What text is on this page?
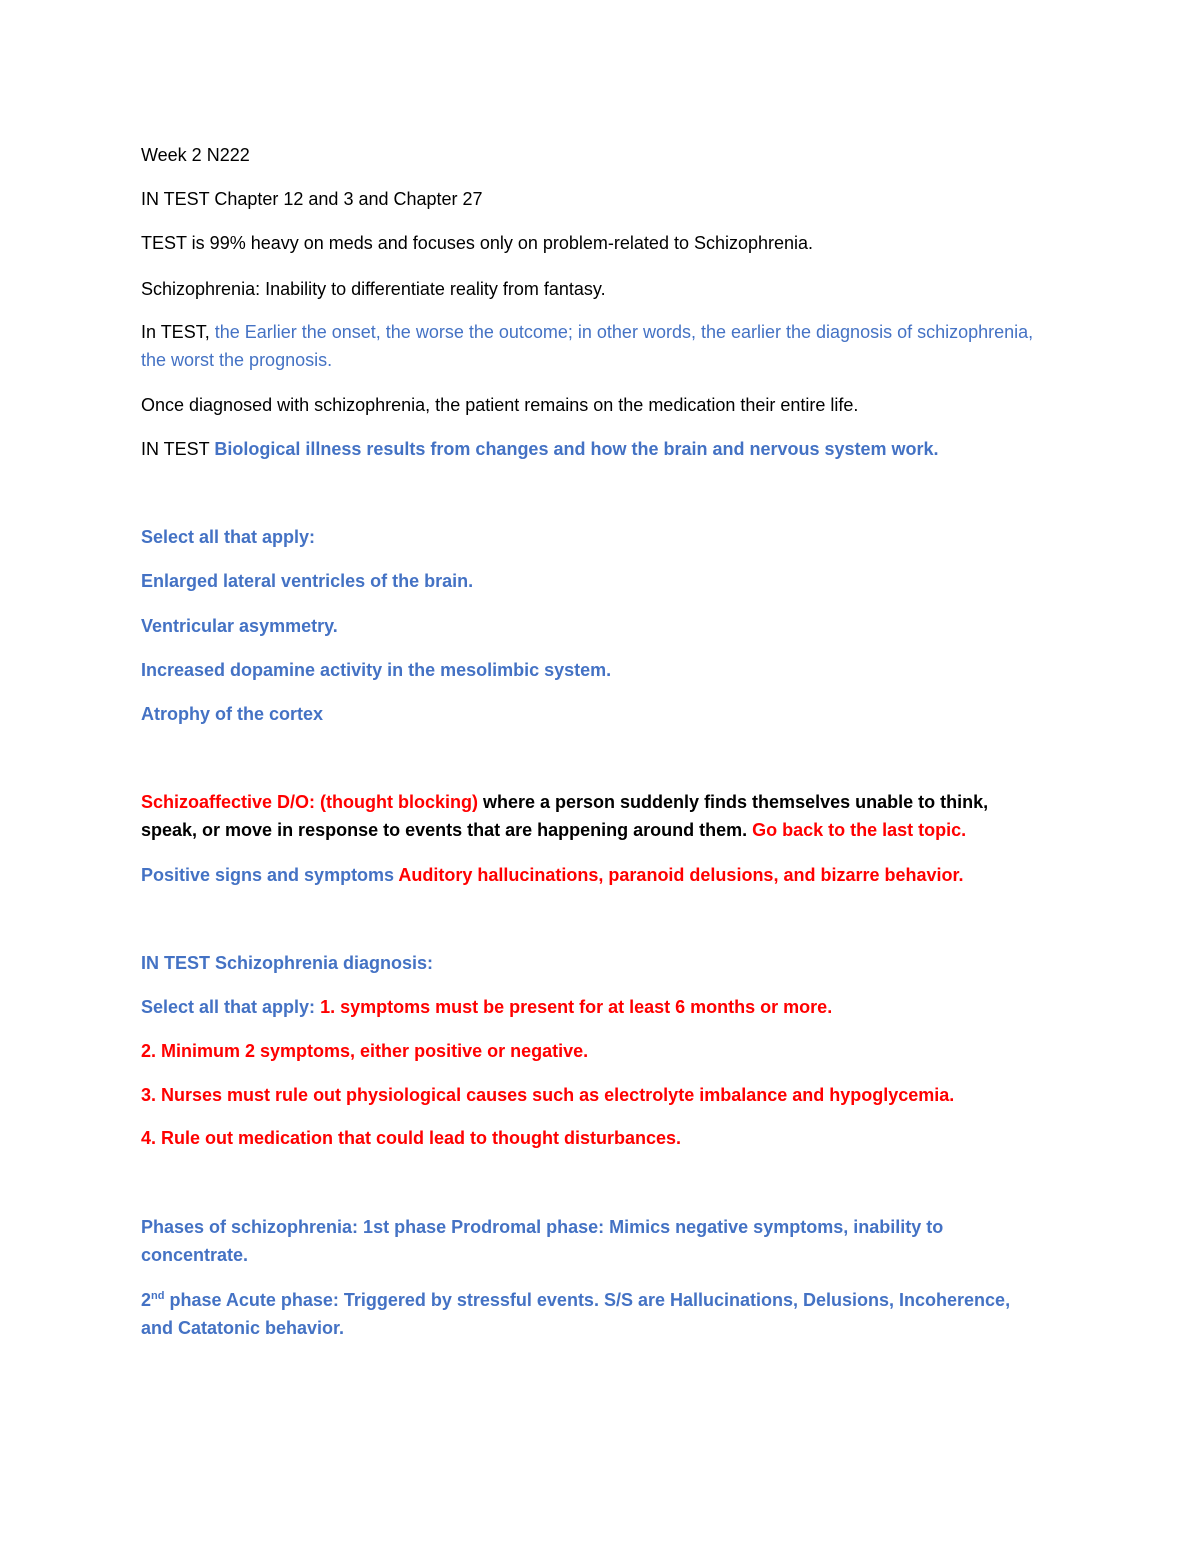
Week 2 N222
IN TEST Chapter 12 and 3 and Chapter 27
TEST is 99% heavy on meds and focuses only on problem-related to Schizophrenia.
Schizophrenia: Inability to differentiate reality from fantasy.
In TEST, the Earlier the onset, the worse the outcome; in other words, the earlier the diagnosis of schizophrenia, the worst the prognosis.
Once diagnosed with schizophrenia, the patient remains on the medication their entire life.
IN TEST Biological illness results from changes and how the brain and nervous system work.
Select all that apply:
Enlarged lateral ventricles of the brain.
Ventricular asymmetry.
Increased dopamine activity in the mesolimbic system.
Atrophy of the cortex
Schizoaffective D/O: (thought blocking) where a person suddenly finds themselves unable to think, speak, or move in response to events that are happening around them. Go back to the last topic.
Positive signs and symptoms Auditory hallucinations, paranoid delusions, and bizarre behavior.
IN TEST Schizophrenia diagnosis:
Select all that apply: 1. symptoms must be present for at least 6 months or more.
2. Minimum 2 symptoms, either positive or negative.
3. Nurses must rule out physiological causes such as electrolyte imbalance and hypoglycemia.
4. Rule out medication that could lead to thought disturbances.
Phases of schizophrenia: 1st phase Prodromal phase: Mimics negative symptoms, inability to concentrate.
2nd phase Acute phase: Triggered by stressful events. S/S are Hallucinations, Delusions, Incoherence, and Catatonic behavior.
